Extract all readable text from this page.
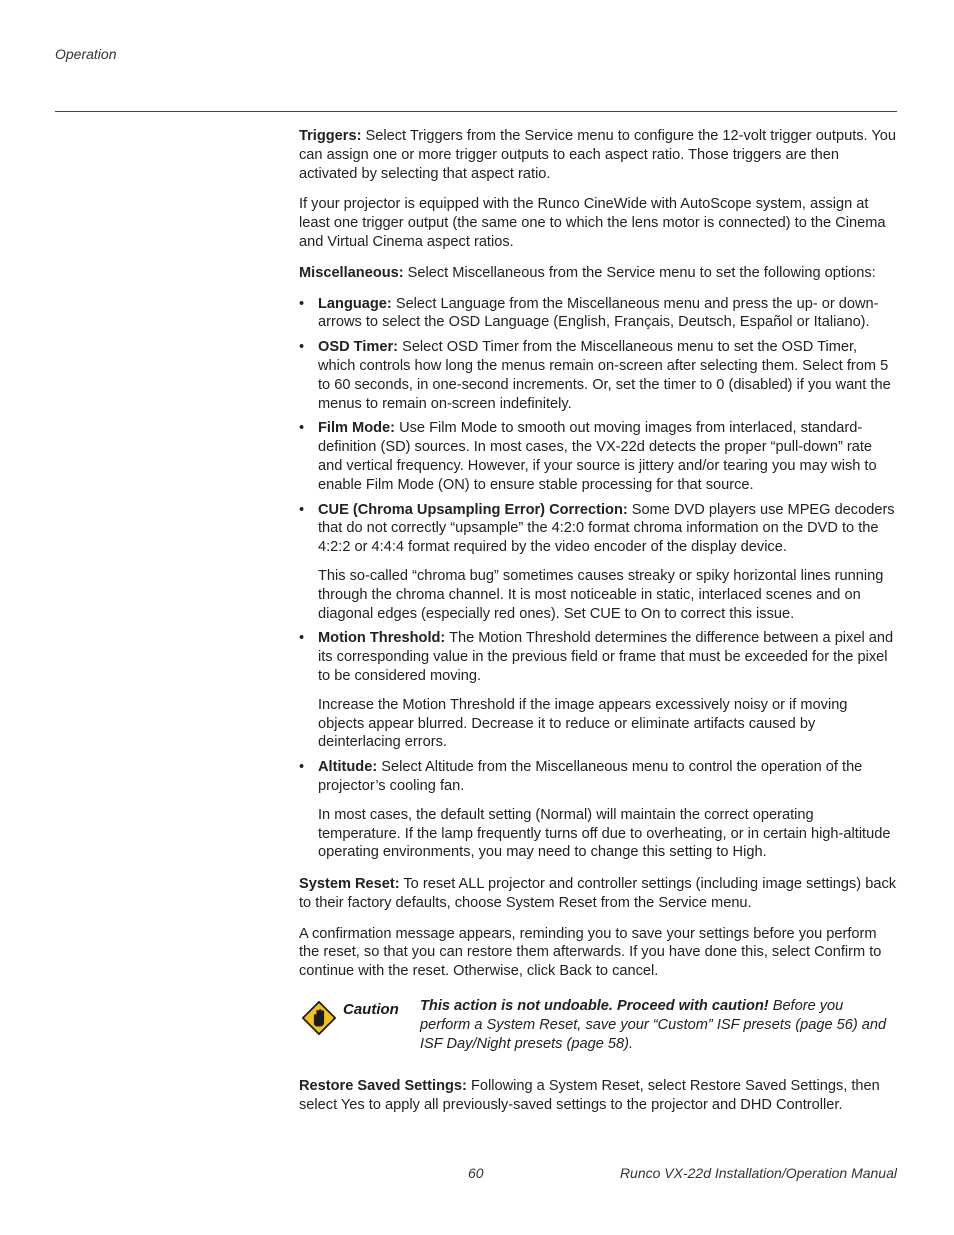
Operation

Triggers: Select Triggers from the Service menu to configure the 12-volt trigger outputs. You can assign one or more trigger outputs to each aspect ratio. Those triggers are then activated by selecting that aspect ratio.

If your projector is equipped with the Runco CineWide with AutoScope system, assign at least one trigger output (the same one to which the lens motor is connected) to the Cinema and Virtual Cinema aspect ratios.

Miscellaneous: Select Miscellaneous from the Service menu to set the following options:

• Language: Select Language from the Miscellaneous menu and press the up- or down-arrows to select the OSD Language (English, Français, Deutsch, Español or Italiano).

• OSD Timer: Select OSD Timer from the Miscellaneous menu to set the OSD Timer, which controls how long the menus remain on-screen after selecting them. Select from 5 to 60 seconds, in one-second increments. Or, set the timer to 0 (disabled) if you want the menus to remain on-screen indefinitely.

• Film Mode: Use Film Mode to smooth out moving images from interlaced, standard-definition (SD) sources. In most cases, the VX-22d detects the proper “pull-down” rate and vertical frequency. However, if your source is jittery and/or tearing you may wish to enable Film Mode (ON) to ensure stable processing for that source.

• CUE (Chroma Upsampling Error) Correction: Some DVD players use MPEG decoders that do not correctly “upsample” the 4:2:0 format chroma information on the DVD to the 4:2:2 or 4:4:4 format required by the video encoder of the display device.

This so-called “chroma bug” sometimes causes streaky or spiky horizontal lines running through the chroma channel. It is most noticeable in static, interlaced scenes and on diagonal edges (especially red ones). Set CUE to On to correct this issue.

• Motion Threshold: The Motion Threshold determines the difference between a pixel and its corresponding value in the previous field or frame that must be exceeded for the pixel to be considered moving.

Increase the Motion Threshold if the image appears excessively noisy or if moving objects appear blurred. Decrease it to reduce or eliminate artifacts caused by deinterlacing errors.

• Altitude: Select Altitude from the Miscellaneous menu to control the operation of the projector’s cooling fan.

In most cases, the default setting (Normal) will maintain the correct operating temperature. If the lamp frequently turns off due to overheating, or in certain high-altitude operating environments, you may need to change this setting to High.

System Reset: To reset ALL projector and controller settings (including image settings) back to their factory defaults, choose System Reset from the Service menu.

A confirmation message appears, reminding you to save your settings before you perform the reset, so that you can restore them afterwards. If you have done this, select Confirm to continue with the reset. Otherwise, click Back to cancel.

Caution This action is not undoable. Proceed with caution! Before you perform a System Reset, save your “Custom” ISF presets (page 56) and ISF Day/Night presets (page 58).

Restore Saved Settings: Following a System Reset, select Restore Saved Settings, then select Yes to apply all previously-saved settings to the projector and DHD Controller.

60	Runco VX-22d Installation/Operation Manual
